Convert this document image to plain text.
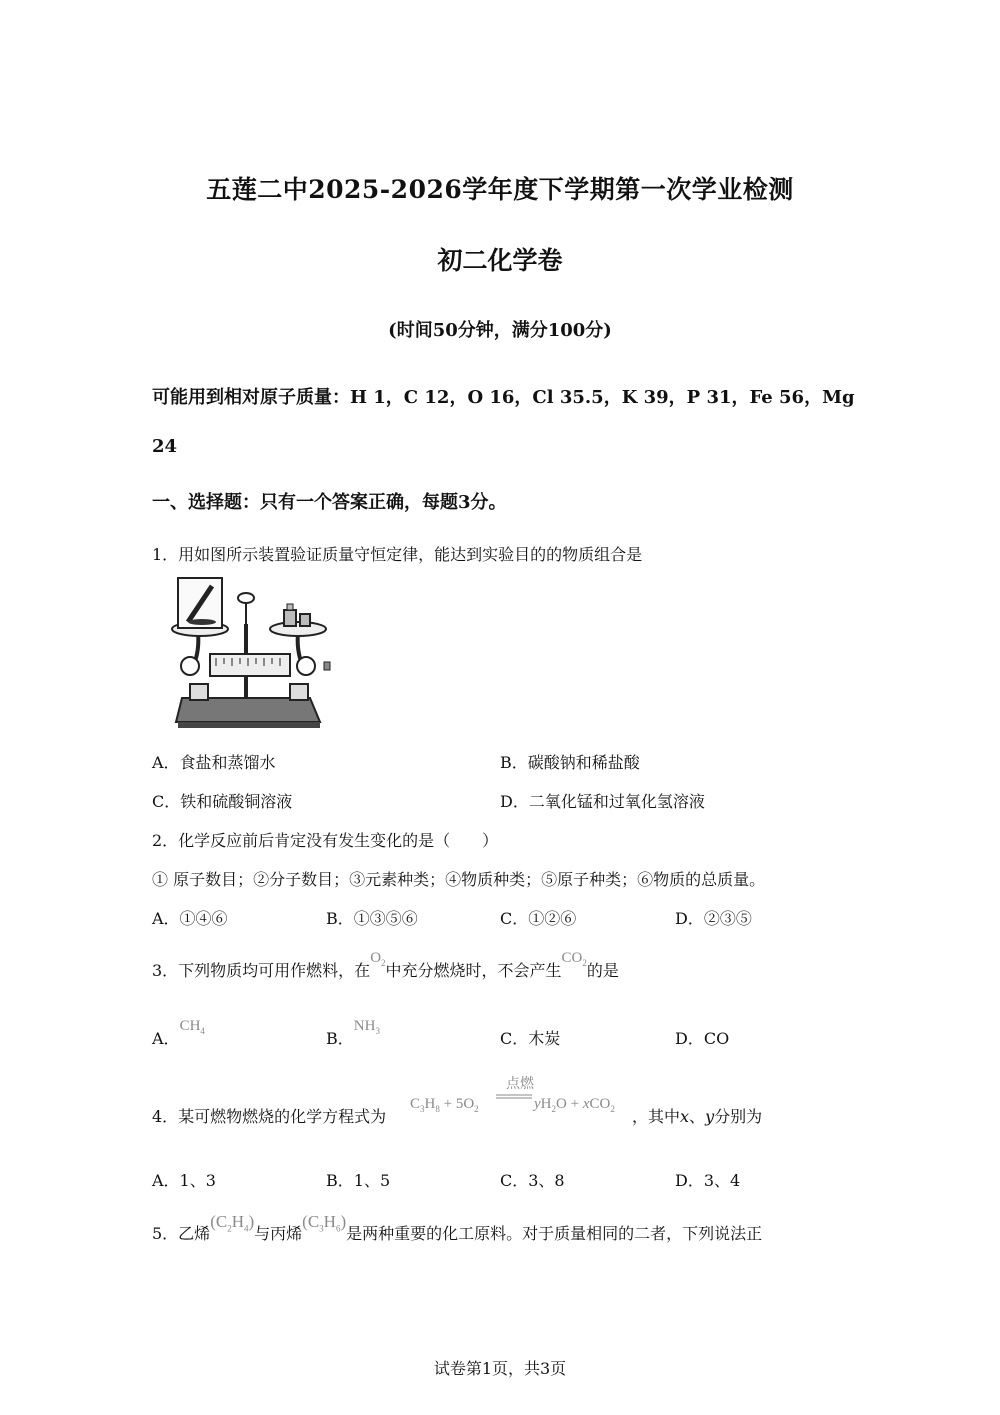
五莲二中2025-2026学年度下学期第一次学业检测
初二化学卷
(时间50分钟，满分100分)
可能用到相对原子质量：H 1，C 12，O 16，Cl 35.5，K 39，P 31，Fe 56，Mg
24
一、选择题：只有一个答案正确，每题3分。
1．用如图所示装置验证质量守恒定律，能达到实验目的的物质组合是
A．食盐和蒸馏水	B．碳酸钠和稀盐酸
C．铁和硫酸铜溶液	D．二氧化锰和过氧化氢溶液
2．化学反应前后肯定没有发生变化的是（　　）
① 原子数目；②分子数目；③元素种类；④物质种类；⑤原子种类；⑥物质的总质量。
A．①④⑥	B．①③⑤⑥	C．①②⑥	D．②③⑤
3．下列物质均可用作燃料，在$O_2$中充分燃烧时，不会产生$CO_2$的是
A．$CH_4$	B．$NH_3$	C．木炭	D．CO
4．某可燃物燃烧的化学方程式为
点燃
$C_3H_8 + 5O_2$	$yH_2O + xCO_2$ ，其中x、y分别为
A．1、3	B．1、5	C．3、8	D．3、4
5．乙烯$(C_2H_4)$与丙烯$(C_3H_6)$是两种重要的化工原料。对于质量相同的二者，下列说法正
试卷第1页，共3页
